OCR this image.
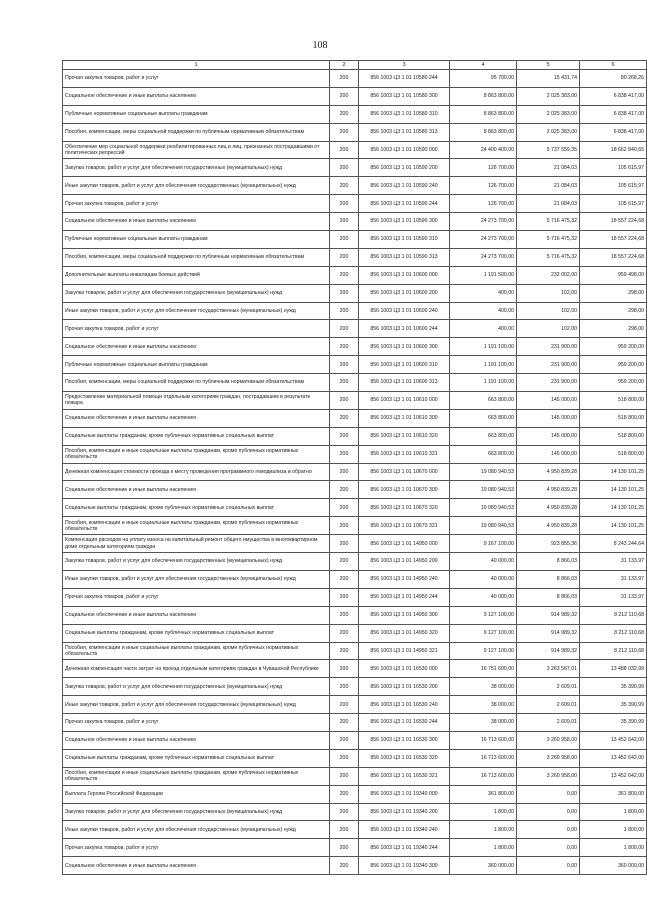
108
1	2	3	4	5	6
Прочая закупка товаров, работ и услуг	200	856 1003 Ц3 1 01 10580 244	95 700,00	15 431,74	80 268,26
Социальное обеспечение и иные выплаты населению	200	856 1003 Ц3 1 01 10580 300	8 863 800,00	2 025 383,00	6 838 417,00
Публичные нормативные социальные выплаты гражданам	200	856 1003 Ц3 1 01 10580 310	8 863 800,00	2 025 383,00	6 838 417,00
Пособия, компенсации, меры социальной поддержки по публичным нормативным обязательствам	200	856 1003 Ц3 1 01 10580 313	8 863 800,00	2 025 383,00	6 838 417,00
Обеспечение мер социальной поддержки реабилитированных лиц и лиц, признанных пострадавшими от политических репрессий	200	856 1003 Ц3 1 01 10590 000	24 400 400,00	5 737 559,35	18 662 840,65
Закупка товаров, работ и услуг для обеспечения государственных (муниципальных) нужд	200	856 1003 Ц3 1 01 10590 200	126 700,00	21 084,03	105 615,97
Иные закупки товаров, работ и услуг для обеспечения государственных (муниципальных) нужд	200	856 1003 Ц3 1 01 10590 240	126 700,00	21 084,03	105 615,97
Прочая закупка товаров, работ и услуг	200	856 1003 Ц3 1 01 10590 244	126 700,00	21 084,03	105 615,97
Социальное обеспечение и иные выплаты населению	200	856 1003 Ц3 1 01 10590 300	24 273 700,00	5 716 475,32	18 557 224,68
Публичные нормативные социальные выплаты гражданам	200	856 1003 Ц3 1 01 10590 310	24 273 700,00	5 716 475,32	18 557 224,68
Пособия, компенсации, меры социальной поддержки по публичным нормативным обязательствам	200	856 1003 Ц3 1 01 10590 313	24 273 700,00	5 716 475,32	18 557 224,68
Дополнительные выплаты инвалидам боевых действий	200	856 1003 Ц3 1 01 10600 000	1 191 500,00	232 002,00	959 498,00
Закупка товаров, работ и услуг для обеспечения государственных (муниципальных) нужд	200	856 1003 Ц3 1 01 10600 200	400,00	102,00	298,00
Иные закупки товаров, работ и услуг для обеспечения государственных (муниципальных) нужд	200	856 1003 Ц3 1 01 10600 240	400,00	102,00	298,00
Прочая закупка товаров, работ и услуг	200	856 1003 Ц3 1 01 10600 244	400,00	102,00	298,00
Социальное обеспечение и иные выплаты населению	200	856 1003 Ц3 1 01 10600 300	1 191 100,00	231 900,00	959 200,00
Публичные нормативные социальные выплаты гражданам	200	856 1003 Ц3 1 01 10600 310	1 191 100,00	231 900,00	959 200,00
Пособия, компенсации, меры социальной поддержки по публичным нормативным обязательствам	200	856 1003 Ц3 1 01 10600 313	1 191 100,00	231 900,00	959 200,00
Предоставление материальной помощи отдельным категориям граждан, пострадавшим в результате пожара	200	856 1003 Ц3 1 01 10610 000	663 800,00	145 000,00	518 800,00
Социальное обеспечение и иные выплаты населению	200	856 1003 Ц3 1 01 10610 300	663 800,00	145 000,00	518 800,00
Социальные выплаты гражданам, кроме публичных нормативных социальных выплат	200	856 1003 Ц3 1 01 10610 320	663 800,00	145 000,00	518 800,00
Пособия, компенсации и иные социальные выплаты гражданам, кроме публичных нормативных обязательств	200	856 1003 Ц3 1 01 10610 321	663 800,00	145 000,00	518 800,00
Денежная компенсация стоимости проезда к месту проведения программного гемодиализа и обратно	200	856 1003 Ц3 1 01 10670 000	19 080 940,53	4 950 839,28	14 130 101,25
Социальное обеспечение и иные выплаты населению	200	856 1003 Ц3 1 01 10670 300	19 080 940,53	4 950 839,28	14 130 101,25
Социальные выплаты гражданам, кроме публичных нормативных социальных выплат	200	856 1003 Ц3 1 01 10670 320	19 080 940,53	4 950 839,28	14 130 101,25
Пособия, компенсации и иные социальные выплаты гражданам, кроме публичных нормативных обязательств	200	856 1003 Ц3 1 01 10670 321	19 080 940,53	4 950 839,28	14 130 101,25
Компенсация расходов на уплату взноса на капитальный ремонт общего имущества в многоквартирном доме отдельным категориям граждан	200	856 1003 Ц3 1 01 14950 000	9 167 100,00	923 855,36	8 243 244,64
Закупка товаров, работ и услуг для обеспечения государственных (муниципальных) нужд	200	856 1003 Ц3 1 01 14950 200	40 000,00	8 866,03	31 133,97
Иные закупки товаров, работ и услуг для обеспечения государственных (муниципальных) нужд	200	856 1003 Ц3 1 01 14950 240	40 000,00	8 866,03	31 133,97
Прочая закупка товаров, работ и услуг	200	856 1003 Ц3 1 01 14950 244	40 000,00	8 866,03	31 133,97
Социальное обеспечение и иные выплаты населению	200	856 1003 Ц3 1 01 14950 300	9 127 100,00	914 989,32	8 212 110,68
Социальные выплаты гражданам, кроме публичных нормативных социальных выплат	200	856 1003 Ц3 1 01 14950 320	9 127 100,00	914 989,32	8 212 110,68
Пособия, компенсации и иные социальные выплаты гражданам, кроме публичных нормативных обязательств	200	856 1003 Ц3 1 01 14950 321	9 127 100,00	914 989,32	8 212 110,68
Денежная компенсация части затрат на проезд отдельным категориям граждан в Чувашской Республике	200	856 1003 Ц3 1 01 16530 000	16 751 600,00	3 263 567,01	13 488 032,99
Закупка товаров, работ и услуг для обеспечения государственных (муниципальных) нужд	200	856 1003 Ц3 1 01 16530 200	38 000,00	2 609,01	35 390,99
Иные закупки товаров, работ и услуг для обеспечения государственных (муниципальных) нужд	200	856 1003 Ц3 1 01 16530 240	38 000,00	2 609,01	35 390,99
Прочая закупка товаров, работ и услуг	200	856 1003 Ц3 1 01 16530 244	38 000,00	2 609,01	35 390,99
Социальное обеспечение и иные выплаты населению	200	856 1003 Ц3 1 01 16530 300	16 713 600,00	3 260 958,00	13 452 642,00
Социальные выплаты гражданам, кроме публичных нормативных социальных выплат	200	856 1003 Ц3 1 01 16530 320	16 713 600,00	3 260 958,00	13 452 642,00
Пособия, компенсации и иные социальные выплаты гражданам, кроме публичных нормативных обязательств	200	856 1003 Ц3 1 01 16530 321	16 713 600,00	3 260 958,00	13 452 642,00
Выплата Героям Российской Федерации	200	856 1003 Ц3 1 01 19340 000	361 800,00	0,00	361 800,00
Закупка товаров, работ и услуг для обеспечения государственных (муниципальных) нужд	200	856 1003 Ц3 1 01 19340 200	1 800,00	0,00	1 800,00
Иные закупки товаров, работ и услуг для обеспечения государственных (муниципальных) нужд	200	856 1003 Ц3 1 01 19340 240	1 800,00	0,00	1 800,00
Прочая закупка товаров, работ и услуг	200	856 1003 Ц3 1 01 19340 244	1 800,00	0,00	1 800,00
Социальное обеспечение и иные выплаты населению	200	856 1003 Ц3 1 01 19340 300	360 000,00	0,00	360 000,00
